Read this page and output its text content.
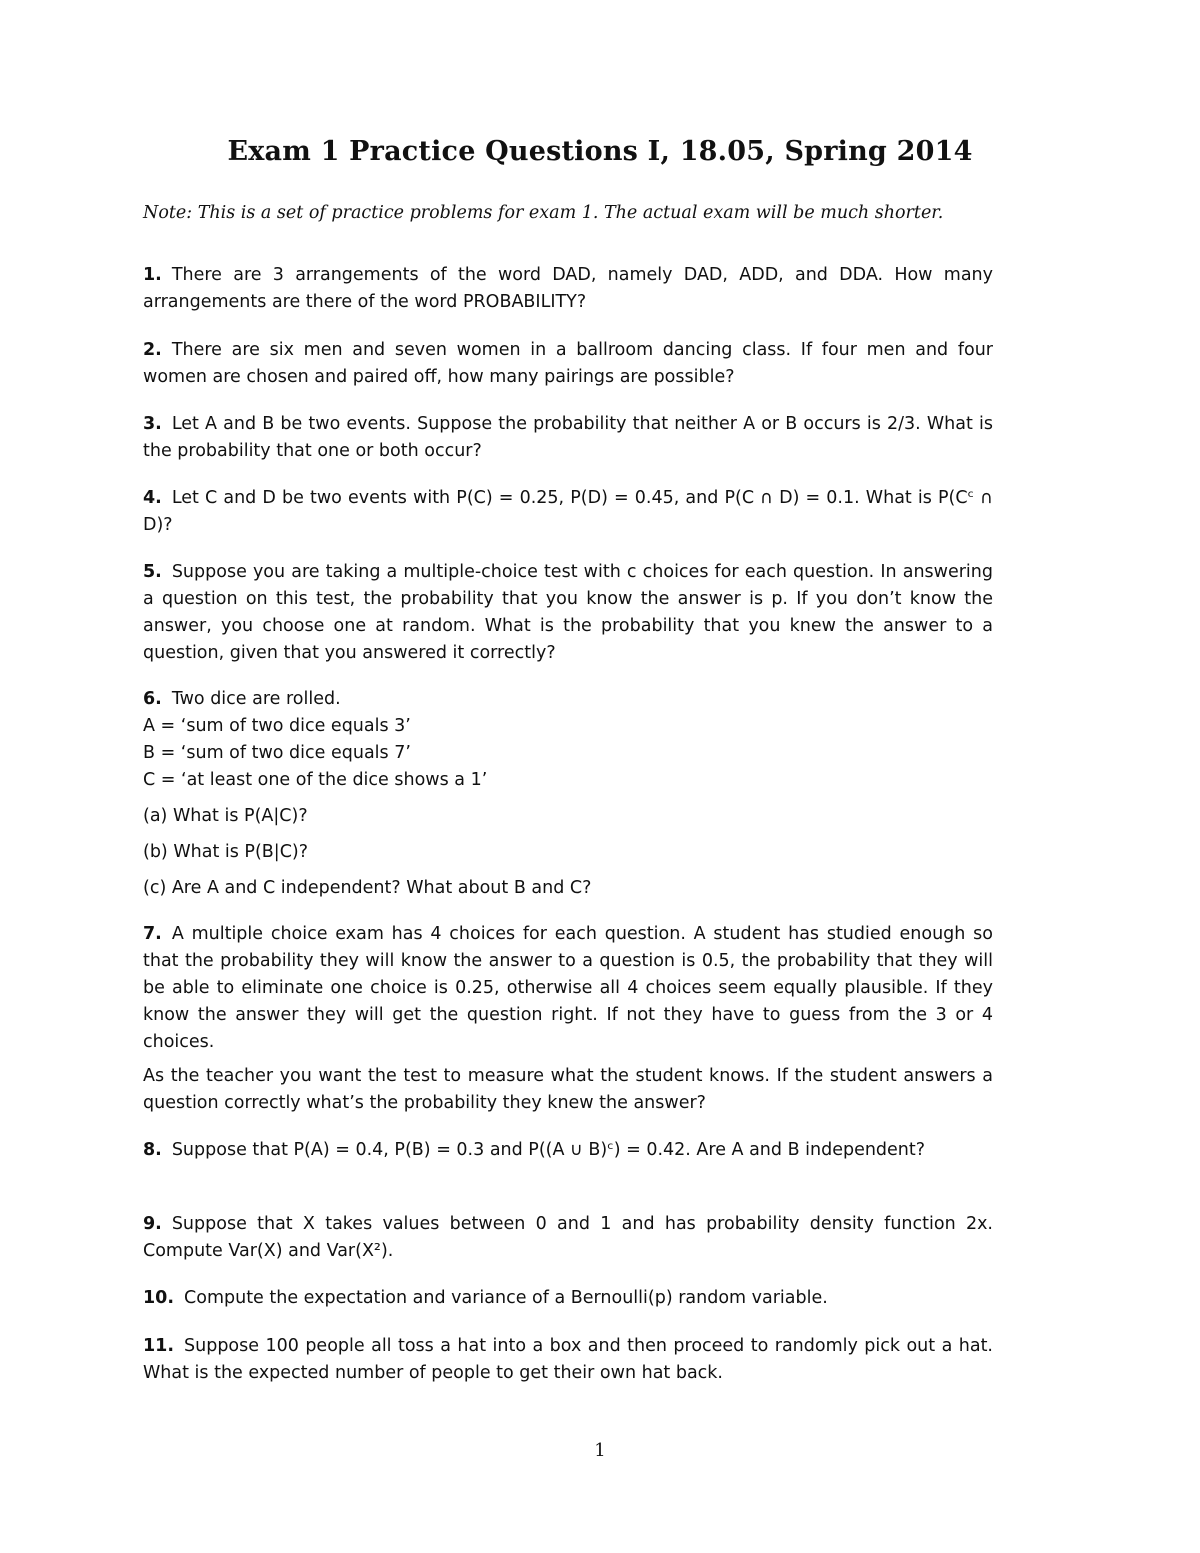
Exam 1 Practice Questions I, 18.05, Spring 2014
Note: This is a set of practice problems for exam 1. The actual exam will be much shorter.
1. There are 3 arrangements of the word DAD, namely DAD, ADD, and DDA. How many arrangements are there of the word PROBABILITY?
2. There are six men and seven women in a ballroom dancing class. If four men and four women are chosen and paired off, how many pairings are possible?
3. Let A and B be two events. Suppose the probability that neither A or B occurs is 2/3. What is the probability that one or both occur?
4. Let C and D be two events with P(C) = 0.25, P(D) = 0.45, and P(C ∩ D) = 0.1. What is P(Cᶜ ∩ D)?
5. Suppose you are taking a multiple-choice test with c choices for each question. In answering a question on this test, the probability that you know the answer is p. If you don’t know the answer, you choose one at random. What is the probability that you knew the answer to a question, given that you answered it correctly?
6. Two dice are rolled.
A = ‘sum of two dice equals 3’
B = ‘sum of two dice equals 7’
C = ‘at least one of the dice shows a 1’
(a) What is P(A|C)?
(b) What is P(B|C)?
(c) Are A and C independent? What about B and C?
7. A multiple choice exam has 4 choices for each question. A student has studied enough so that the probability they will know the answer to a question is 0.5, the probability that they will be able to eliminate one choice is 0.25, otherwise all 4 choices seem equally plausible. If they know the answer they will get the question right. If not they have to guess from the 3 or 4 choices.
As the teacher you want the test to measure what the student knows. If the student answers a question correctly what’s the probability they knew the answer?
8. Suppose that P(A) = 0.4, P(B) = 0.3 and P((A ∪ B)ᶜ) = 0.42. Are A and B independent?
9. Suppose that X takes values between 0 and 1 and has probability density function 2x. Compute Var(X) and Var(X²).
10. Compute the expectation and variance of a Bernoulli(p) random variable.
11. Suppose 100 people all toss a hat into a box and then proceed to randomly pick out a hat. What is the expected number of people to get their own hat back.
1
